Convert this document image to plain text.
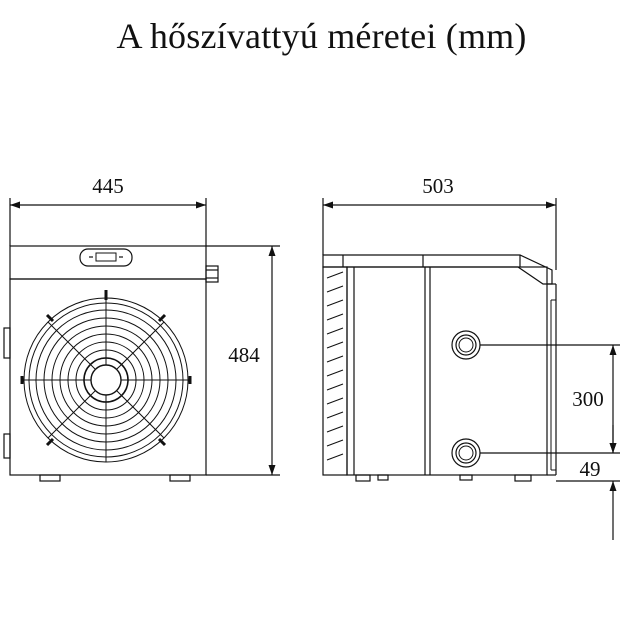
A hőszívattyú méretei (mm)
445
484
503
300
49
